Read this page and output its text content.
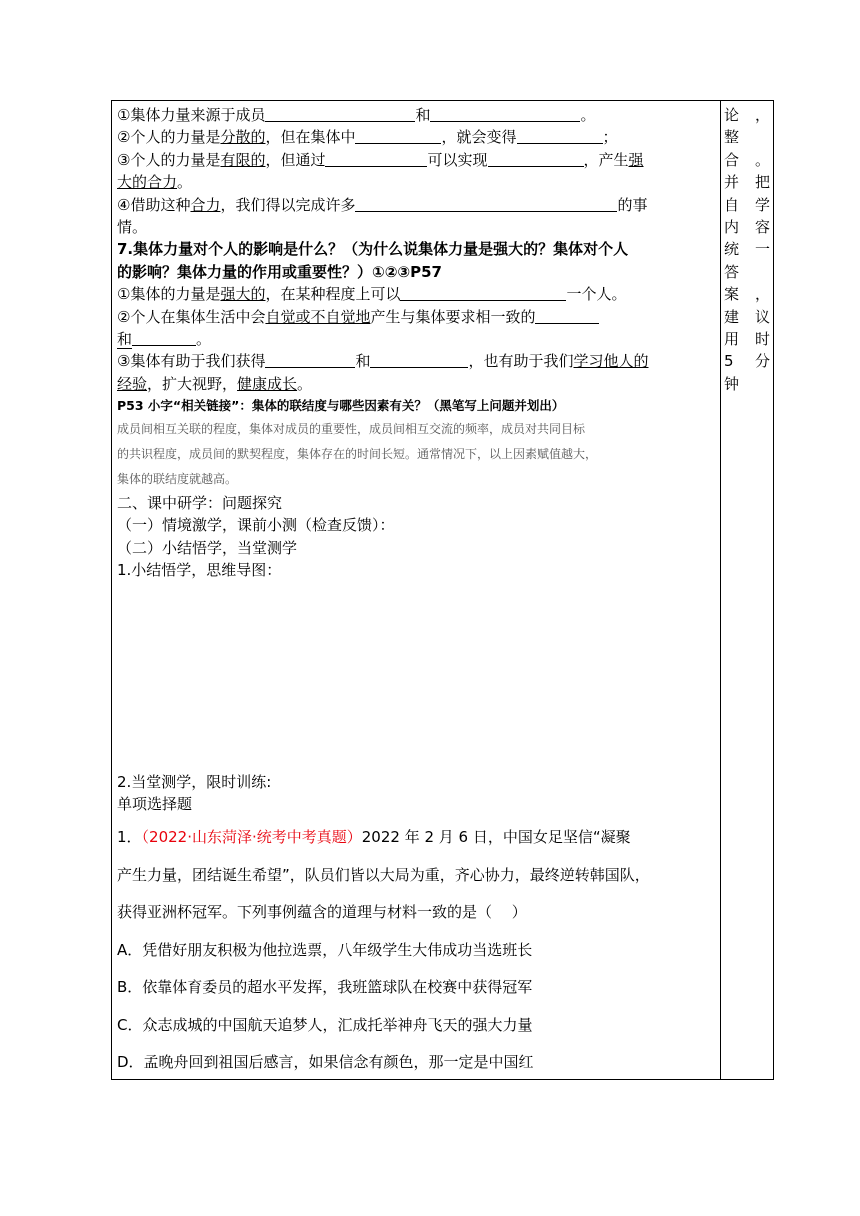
①集体力量来源于成员	和	。
②个人的力量是分散的，但在集体中	，就会变得	；
③个人的力量是有限的，但通过	可以实现	，产生强
大的合力。
④借助这种合力，我们得以完成许多	的事
情。
7.集体力量对个人的影响是什么？（为什么说集体力量是强大的？集体对个人
的影响？集体力量的作用或重要性？）①②③P57
①集体的力量是强大的，在某种程度上可以	一个人。
②个人在集体生活中会自觉或不自觉地产生与集体要求相一致的
和	。
③集体有助于我们获得	和	，也有助于我们学习他人的
经验，扩大视野，健康成长。
P53 小字“相关链接”：集体的联结度与哪些因素有关？（黑笔写上问题并划出）
成员间相互关联的程度，集体对成员的重要性，成员间相互交流的频率，成员对共同目标
的共识程度，成员间的默契程度，集体存在的时间长短。通常情况下，以上因素赋值越大，
集体的联结度就越高。
二、课中研学：问题探究
（一）情境激学，课前小测（检查反馈）：
（二）小结悟学，当堂测学
1.小结悟学，思维导图：
2.当堂测学，限时训练:
单项选择题
1．（2022·山东菏泽·统考中考真题）2022 年 2 月 6 日，中国女足坚信“凝聚
产生力量，团结诞生希望”，队员们皆以大局为重，齐心协力，最终逆转韩国队，
获得亚洲杯冠军。下列事例蕴含的道理与材料一致的是（　 ）
A．凭借好朋友积极为他拉选票，八年级学生大伟成功当选班长
B．依靠体育委员的超水平发挥，我班篮球队在校赛中获得冠军
C．众志成城的中国航天追梦人，汇成托举神舟飞天的强大力量
D．孟晚舟回到祖国后感言，如果信念有颜色，那一定是中国红
论，
整
合。
并把
自学
内容
统一
答
案，
建议
用时
5 分
钟
